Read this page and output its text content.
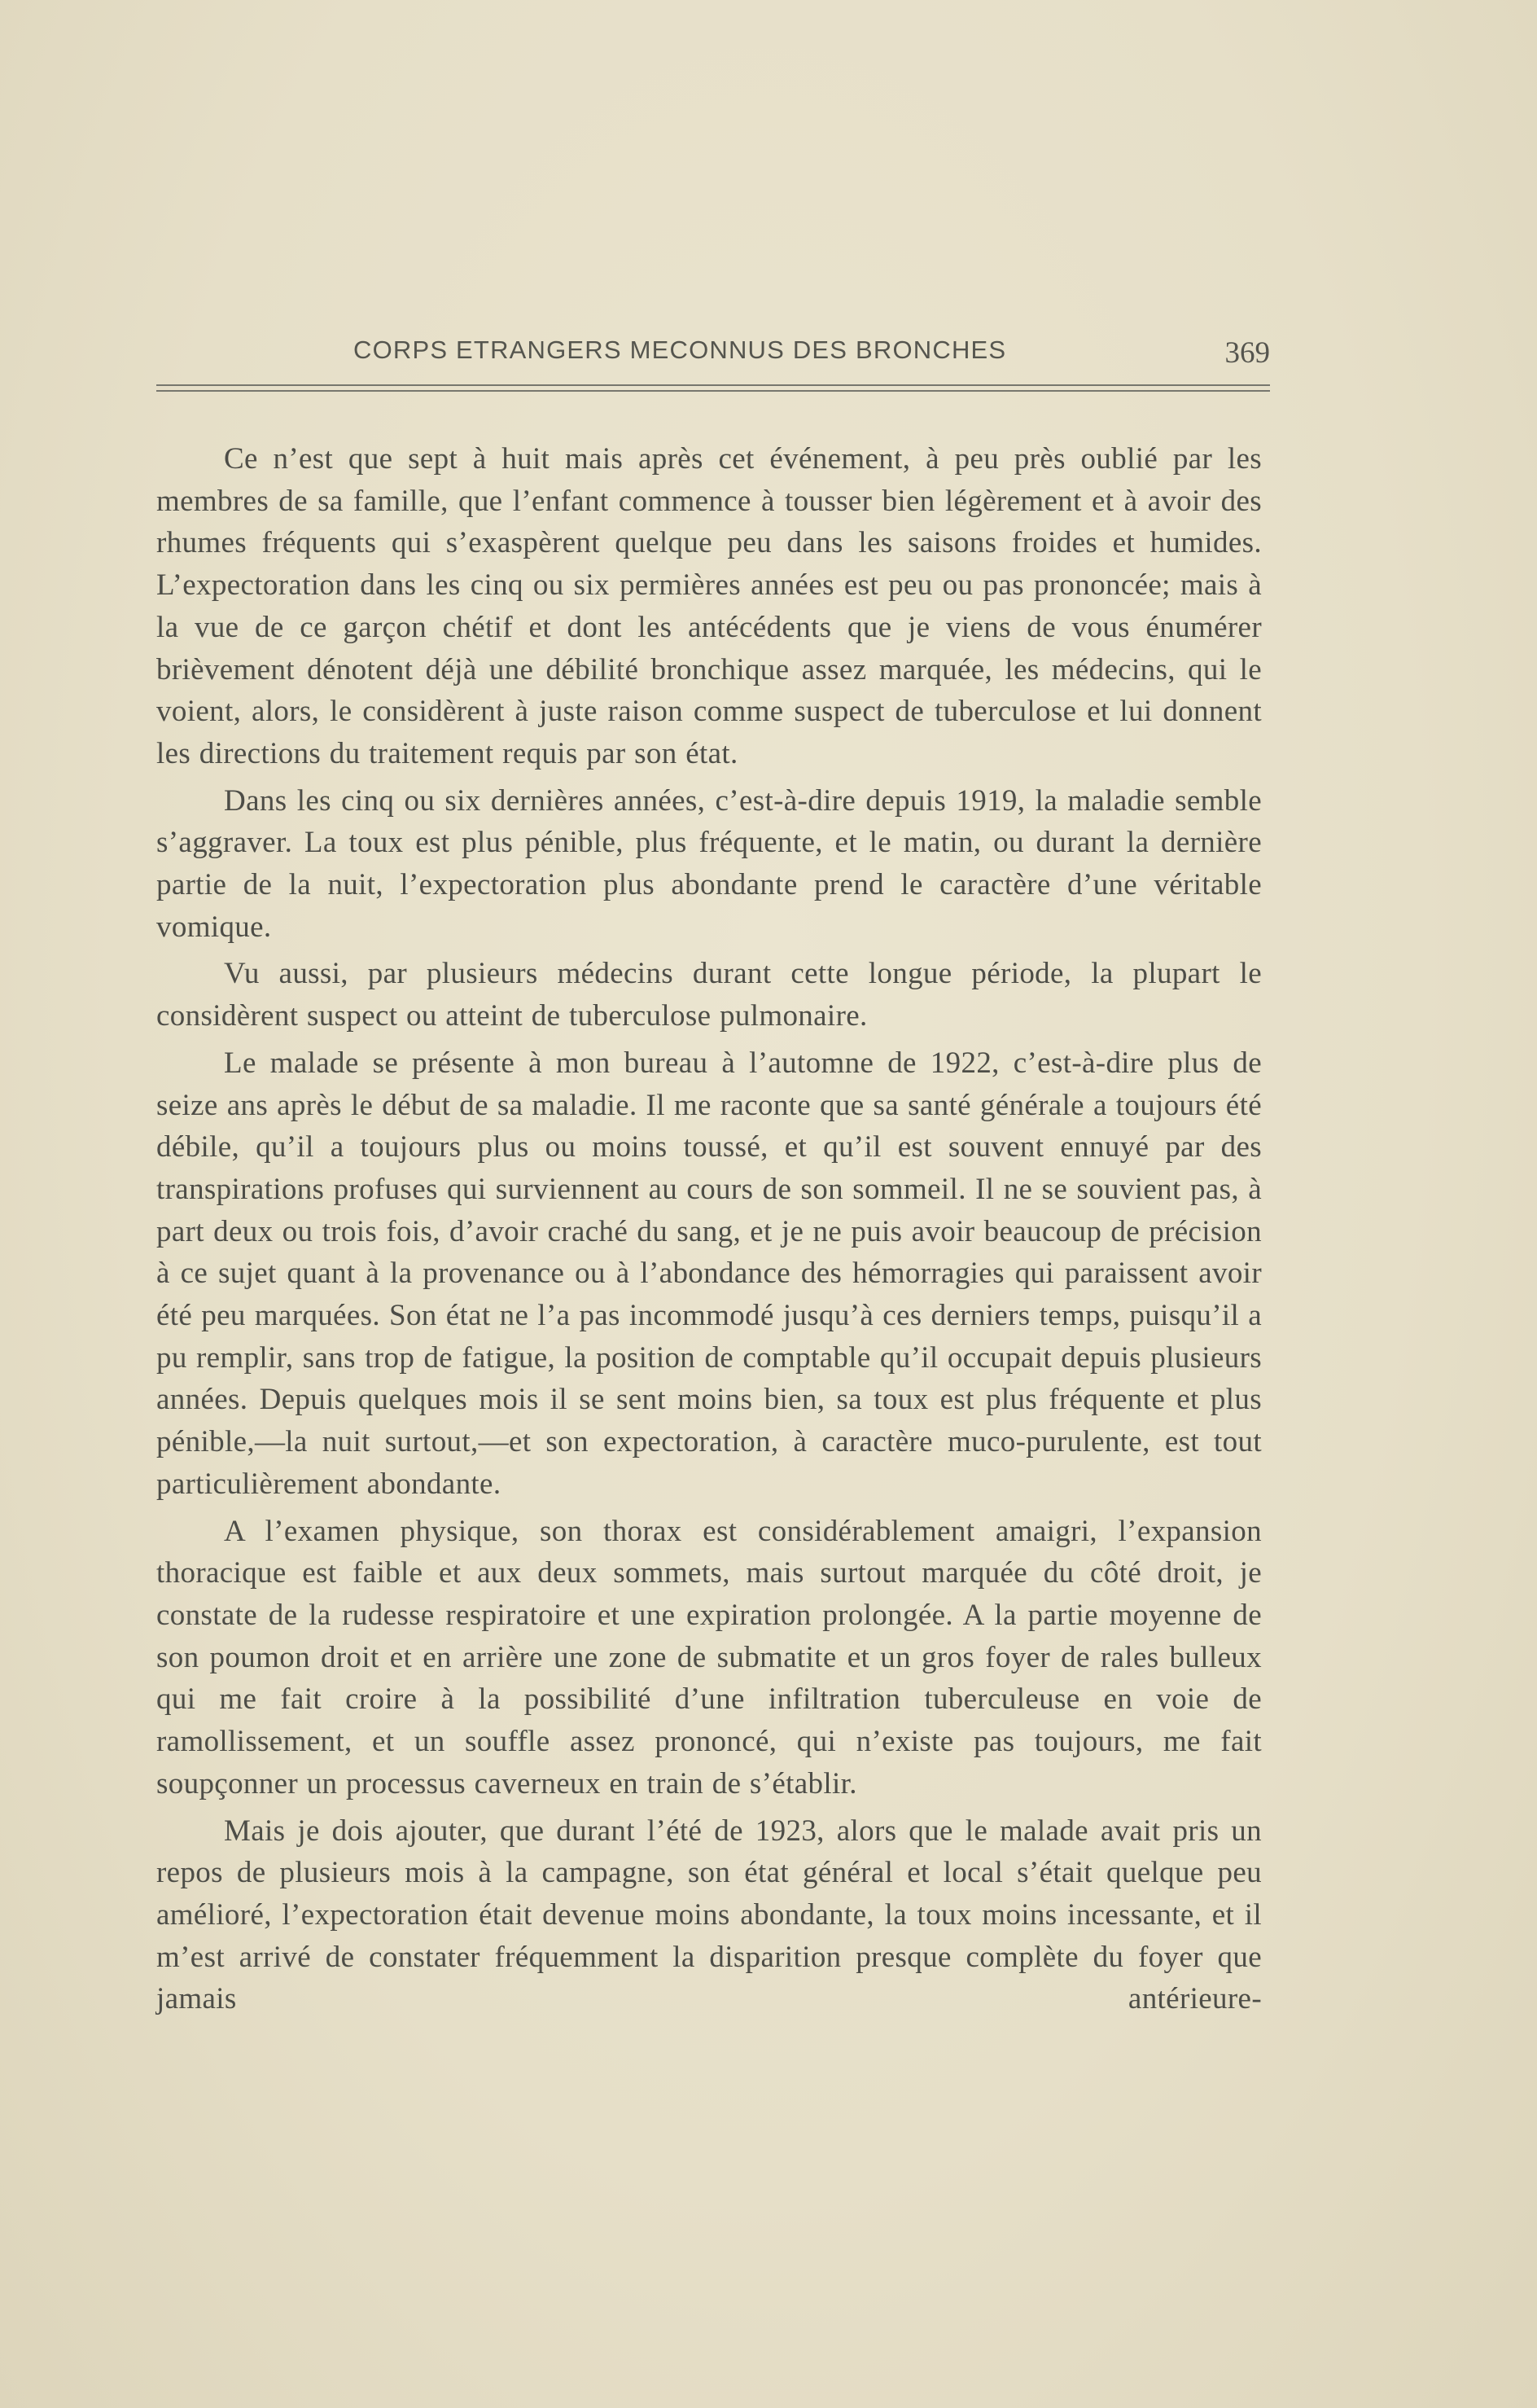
CORPS ETRANGERS MECONNUS DES BRONCHES	369

Ce n’est que sept à huit mais après cet événement, à peu près oublié par les membres de sa famille, que l’enfant commence à tousser bien légèrement et à avoir des rhumes fréquents qui s’exaspèrent quelque peu dans les saisons froides et humides. L’expectoration dans les cinq ou six permières années est peu ou pas prononcée; mais à la vue de ce garçon chétif et dont les antécédents que je viens de vous énumérer brièvement dénotent déjà une débilité bronchique assez marquée, les médecins, qui le voient, alors, le considèrent à juste raison comme suspect de tuberculose et lui donnent les directions du traitement requis par son état.

Dans les cinq ou six dernières années, c’est-à-dire depuis 1919, la maladie semble s’aggraver. La toux est plus pénible, plus fréquente, et le matin, ou durant la dernière partie de la nuit, l’expectoration plus abondante prend le caractère d’une véritable vomique.

Vu aussi, par plusieurs médecins durant cette longue période, la plupart le considèrent suspect ou atteint de tuberculose pulmonaire.

Le malade se présente à mon bureau à l’automne de 1922, c’est-à-dire plus de seize ans après le début de sa maladie. Il me raconte que sa santé générale a toujours été débile, qu’il a toujours plus ou moins toussé, et qu’il est souvent ennuyé par des transpirations profuses qui surviennent au cours de son sommeil. Il ne se souvient pas, à part deux ou trois fois, d’avoir craché du sang, et je ne puis avoir beaucoup de précision à ce sujet quant à la provenance ou à l’abondance des hémorragies qui paraissent avoir été peu marquées. Son état ne l’a pas incommodé jusqu’à ces derniers temps, puisqu’il a pu remplir, sans trop de fatigue, la position de comptable qu’il occupait depuis plusieurs années. Depuis quelques mois il se sent moins bien, sa toux est plus fréquente et plus pénible,—la nuit surtout,—et son expectoration, à caractère muco-purulente, est tout particulièrement abondante.

A l’examen physique, son thorax est considérablement amaigri, l’expansion thoracique est faible et aux deux sommets, mais surtout marquée du côté droit, je constate de la rudesse respiratoire et une expiration prolongée. A la partie moyenne de son poumon droit et en arrière une zone de submatite et un gros foyer de rales bulleux qui me fait croire à la possibilité d’une infiltration tuberculeuse en voie de ramollissement, et un souffle assez prononcé, qui n’existe pas toujours, me fait soupçonner un processus caverneux en train de s’établir.

Mais je dois ajouter, que durant l’été de 1923, alors que le malade avait pris un repos de plusieurs mois à la campagne, son état général et local s’était quelque peu amélioré, l’expectoration était devenue moins abondante, la toux moins incessante, et il m’est arrivé de constater fréquemment la disparition presque complète du foyer que jamais antérieure-
